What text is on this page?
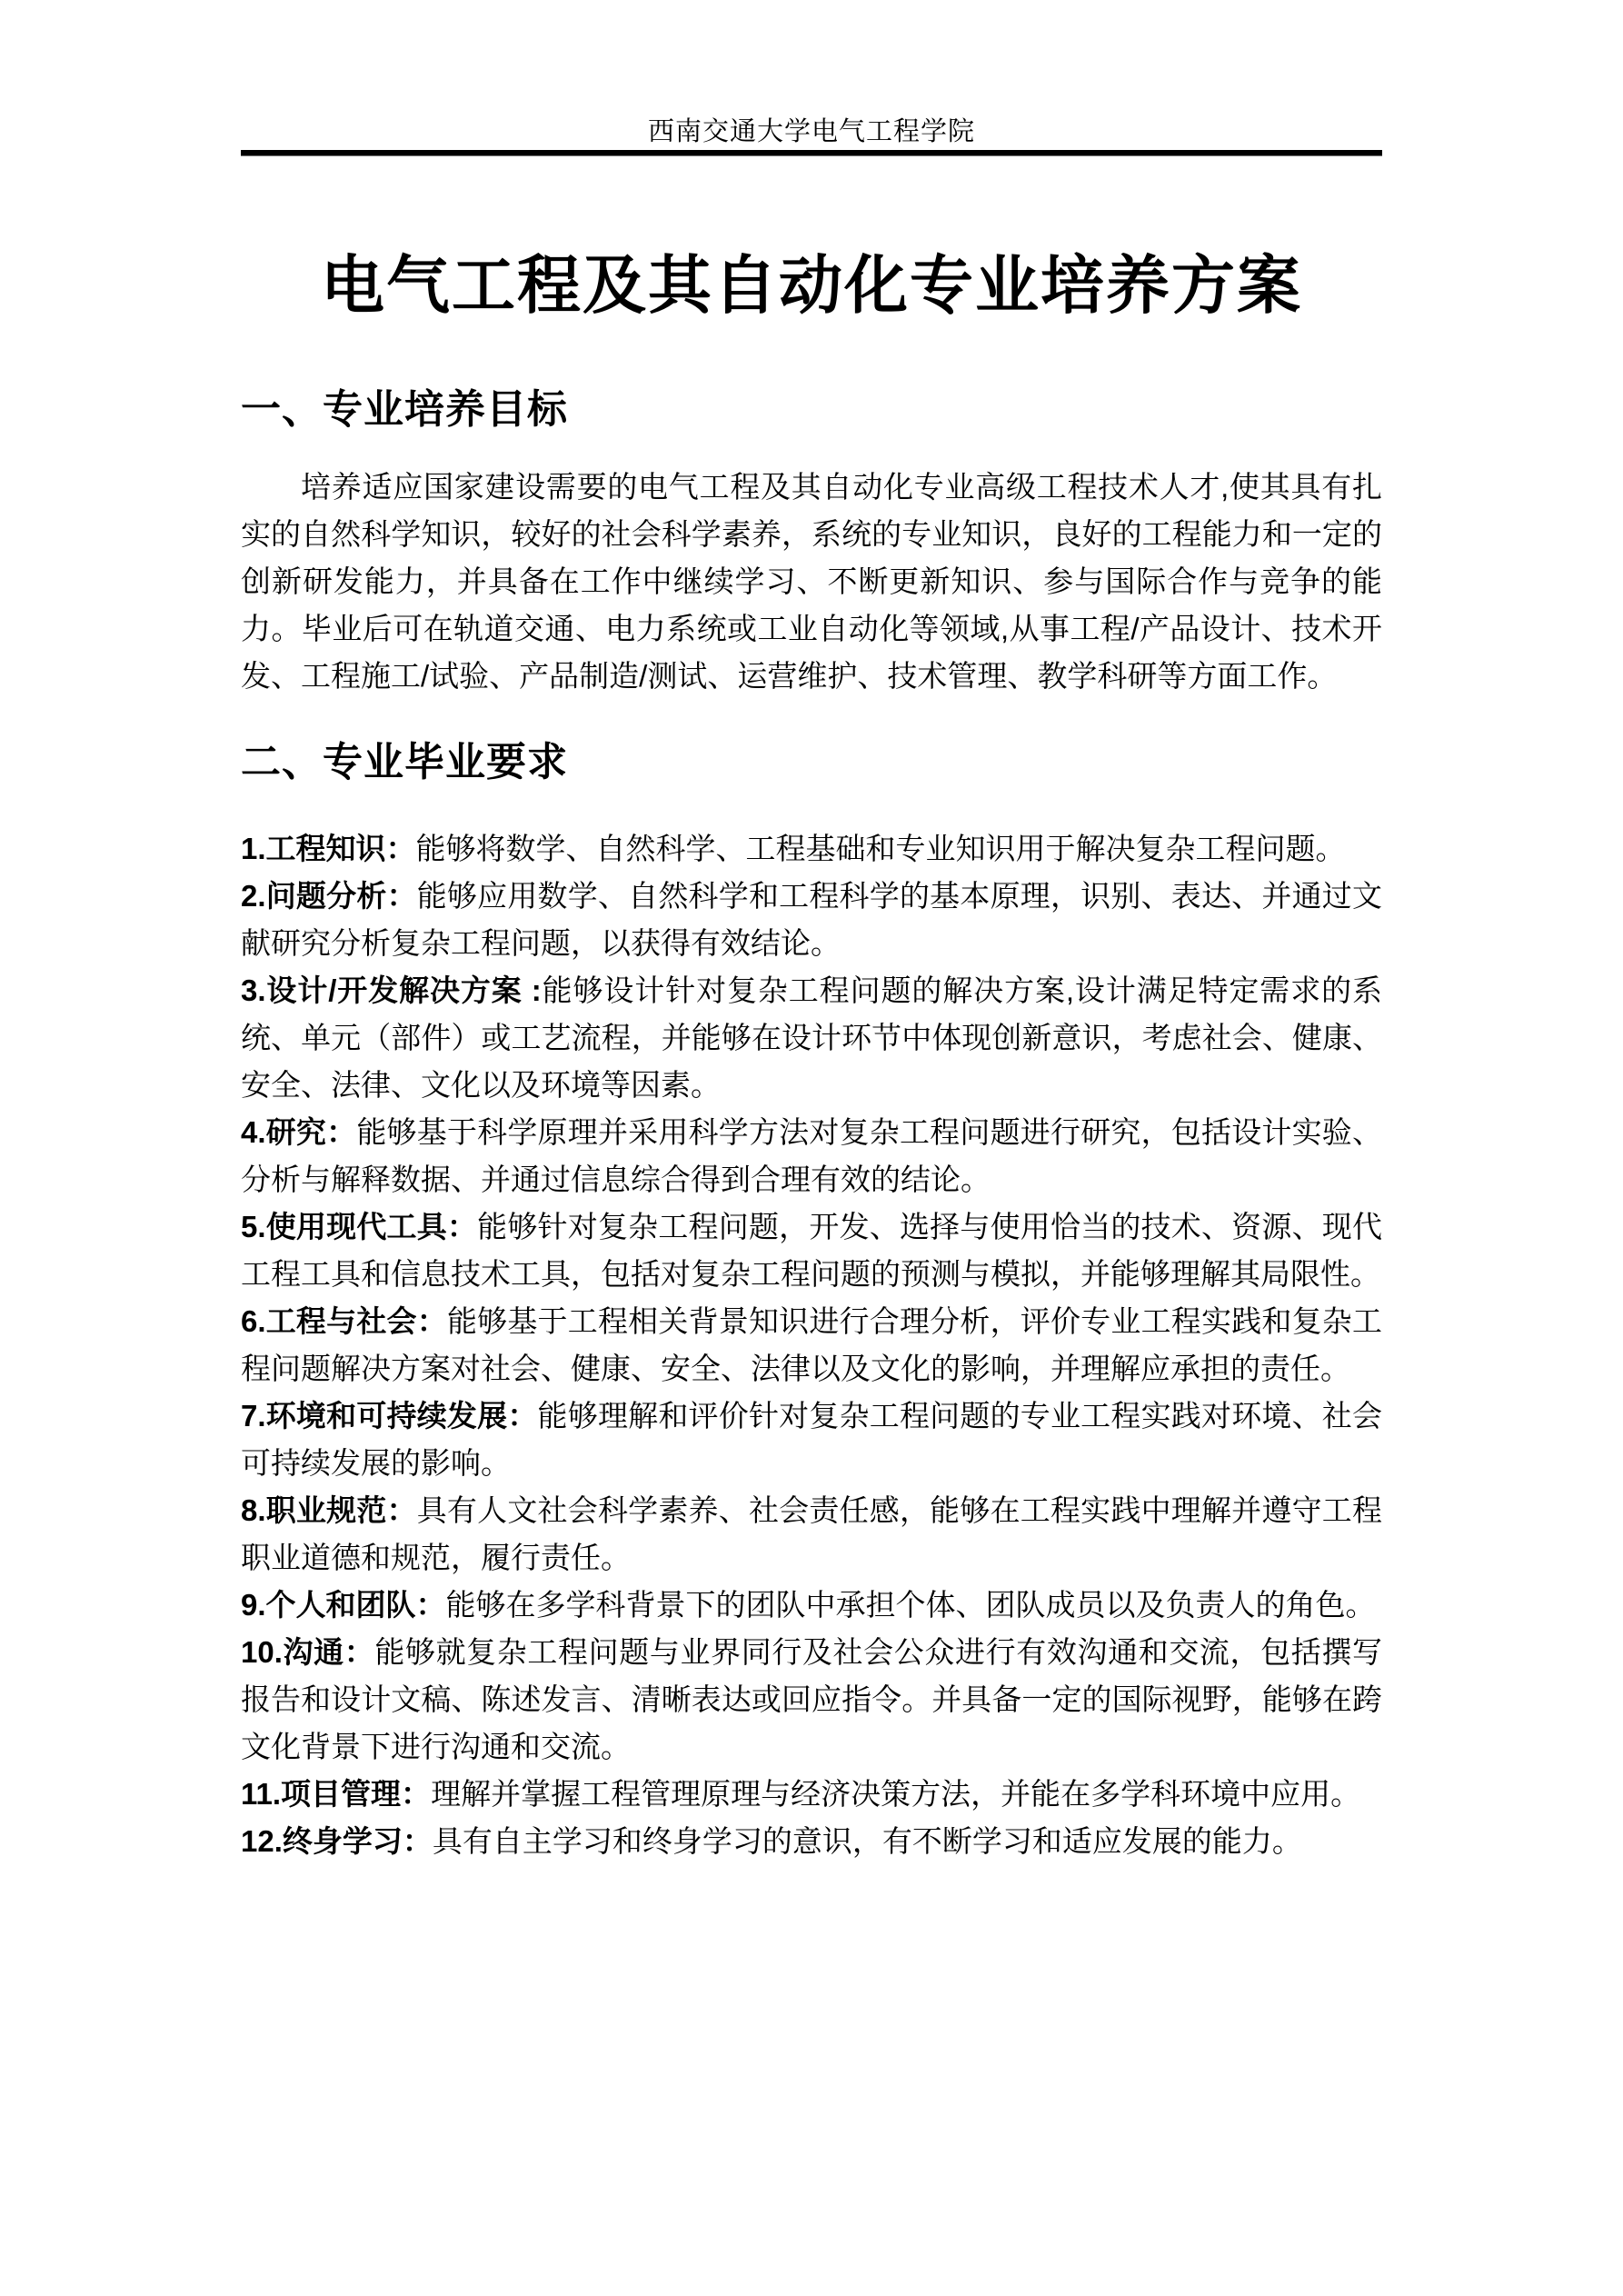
西南交通大学电气工程学院
电气工程及其自动化专业培养方案
一、专业培养目标

培养适应国家建设需要的电气工程及其自动化专业高级工程技术人才,使其具有扎实的自然科学知识，较好的社会科学素养，系统的专业知识，良好的工程能力和一定的创新研发能力，并具备在工作中继续学习、不断更新知识、参与国际合作与竞争的能力。毕业后可在轨道交通、电力系统或工业自动化等领域,从事工程/产品设计、技术开发、工程施工/试验、产品制造/测试、运营维护、技术管理、教学科研等方面工作。

二、专业毕业要求

1.工程知识：能够将数学、自然科学、工程基础和专业知识用于解决复杂工程问题。

2.问题分析：能够应用数学、自然科学和工程科学的基本原理，识别、表达、并通过文献研究分析复杂工程问题，以获得有效结论。

3.设计/开发解决方案 :能够设计针对复杂工程问题的解决方案,设计满足特定需求的系统、单元（部件）或工艺流程，并能够在设计环节中体现创新意识，考虑社会、健康、安全、法律、文化以及环境等因素。

4.研究：能够基于科学原理并采用科学方法对复杂工程问题进行研究，包括设计实验、分析与解释数据、并通过信息综合得到合理有效的结论。

5.使用现代工具：能够针对复杂工程问题，开发、选择与使用恰当的技术、资源、现代工程工具和信息技术工具，包括对复杂工程问题的预测与模拟，并能够理解其局限性。

6.工程与社会：能够基于工程相关背景知识进行合理分析，评价专业工程实践和复杂工程问题解决方案对社会、健康、安全、法律以及文化的影响，并理解应承担的责任。

7.环境和可持续发展：能够理解和评价针对复杂工程问题的专业工程实践对环境、社会可持续发展的影响。

8.职业规范：具有人文社会科学素养、社会责任感，能够在工程实践中理解并遵守工程职业道德和规范，履行责任。

9.个人和团队：能够在多学科背景下的团队中承担个体、团队成员以及负责人的角色。

10.沟通：能够就复杂工程问题与业界同行及社会公众进行有效沟通和交流，包括撰写报告和设计文稿、陈述发言、清晰表达或回应指令。并具备一定的国际视野，能够在跨文化背景下进行沟通和交流。

11.项目管理：理解并掌握工程管理原理与经济决策方法，并能在多学科环境中应用。

12.终身学习：具有自主学习和终身学习的意识，有不断学习和适应发展的能力。
